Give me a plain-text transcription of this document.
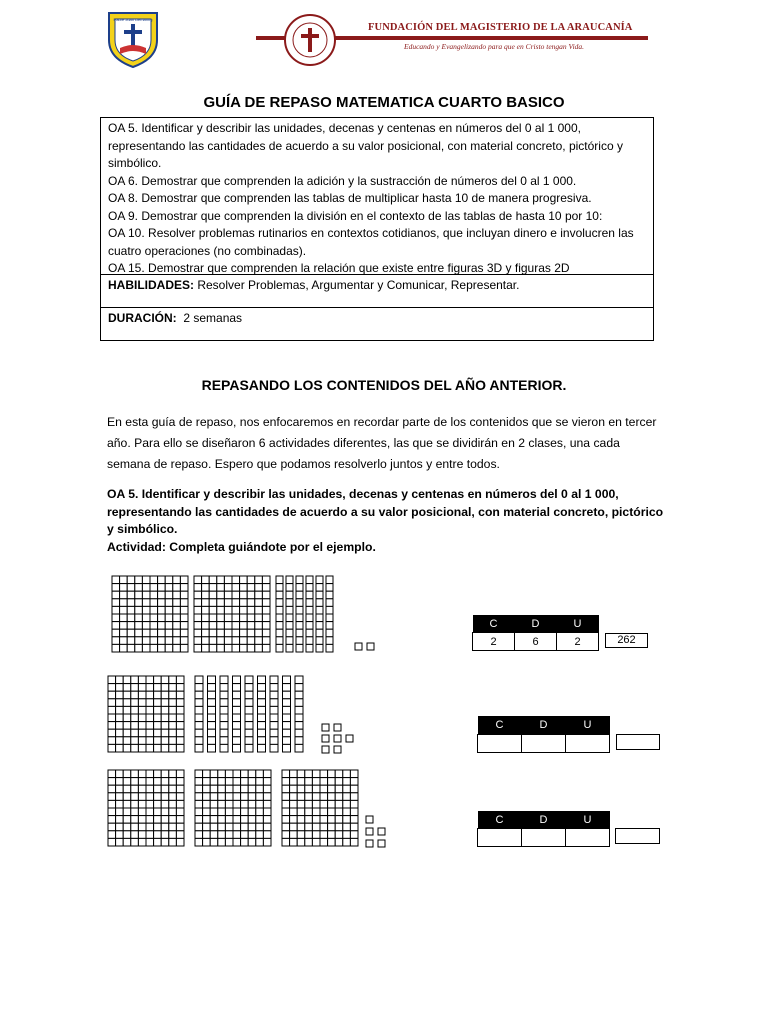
Padre Juan Demaring
FUNDACIÓN DEL MAGISTERIO DE LA ARAUCANÍA
Educando y Evangelizando para que en Cristo tengan Vida.
GUÍA DE REPASO MATEMATICA CUARTO BASICO

OA 5. Identificar y describir las unidades, decenas y centenas en números del 0 al 1 000, representando las cantidades de acuerdo a su valor posicional, con material concreto, pictórico y simbólico.

OA 6. Demostrar que comprenden la adición y la sustracción de números del 0 al 1 000.

OA 8. Demostrar que comprenden las tablas de multiplicar hasta 10 de manera progresiva.

OA 9. Demostrar que comprenden la división en el contexto de las tablas de hasta 10 por 10:

OA 10. Resolver problemas rutinarios en contextos cotidianos, que incluyan dinero e involucren las cuatro operaciones (no combinadas).

OA 15. Demostrar que comprenden la relación que existe entre figuras 3D y figuras 2D

HABILIDADES: Resolver Problemas, Argumentar y Comunicar, Representar.
DURACIÓN:  2 semanas
REPASANDO LOS CONTENIDOS DEL AÑO ANTERIOR.
En esta guía de repaso, nos enfocaremos en recordar parte de los contenidos que se vieron en tercer año. Para ello se diseñaron 6 actividades diferentes, las que se dividirán en 2 clases, una cada semana de repaso. Espero que podamos resolverlo juntos y entre todos.
OA 5. Identificar y describir las unidades, decenas y centenas en números del 0 al 1 000, representando las cantidades de acuerdo a su valor posicional, con material concreto, pictórico y simbólico.
Actividad: Completa guiándote por el ejemplo.
C	D	U
2	6	2	262
C	D	U

C	D	U
